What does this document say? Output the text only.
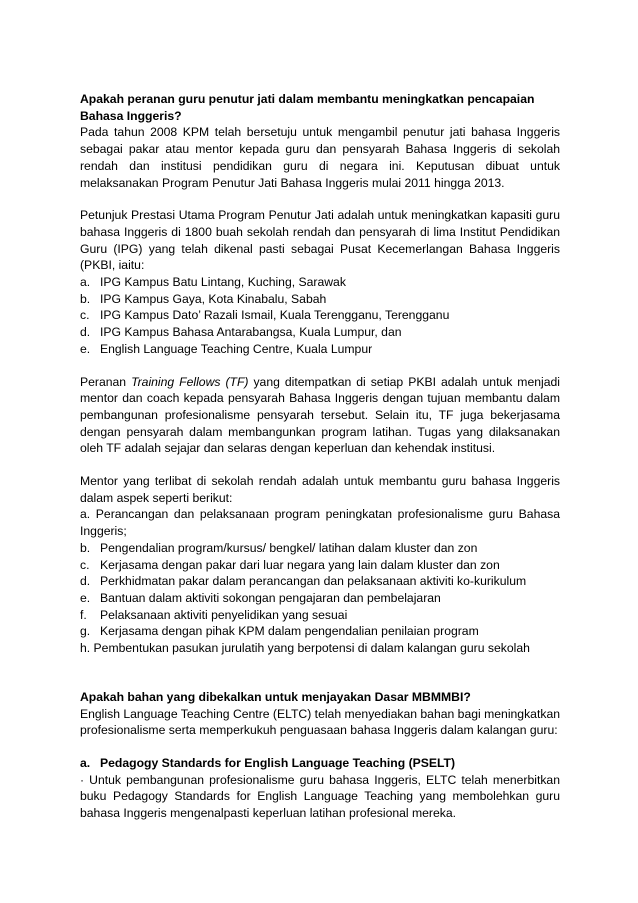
Apakah peranan guru penutur jati dalam membantu meningkatkan pencapaian Bahasa Inggeris?

Pada tahun 2008 KPM telah bersetuju untuk mengambil penutur jati bahasa Inggeris sebagai pakar atau mentor kepada guru dan pensyarah Bahasa Inggeris di sekolah rendah dan institusi pendidikan guru di negara ini. Keputusan dibuat untuk melaksanakan Program Penutur Jati Bahasa Inggeris mulai 2011 hingga 2013.

Petunjuk Prestasi Utama Program Penutur Jati adalah untuk meningkatkan kapasiti guru bahasa Inggeris di 1800 buah sekolah rendah dan pensyarah di lima Institut Pendidikan Guru (IPG) yang telah dikenal pasti sebagai Pusat Kecemerlangan Bahasa Inggeris (PKBI, iaitu:

a. IPG Kampus Batu Lintang, Kuching, Sarawak
b. IPG Kampus Gaya, Kota Kinabalu, Sabah
c. IPG Kampus Dato’ Razali Ismail, Kuala Terengganu, Terengganu
d. IPG Kampus Bahasa Antarabangsa, Kuala Lumpur, dan
e. English Language Teaching Centre, Kuala Lumpur

Peranan Training Fellows (TF) yang ditempatkan di setiap PKBI adalah untuk menjadi mentor dan coach kepada pensyarah Bahasa Inggeris dengan tujuan membantu dalam pembangunan profesionalisme pensyarah tersebut. Selain itu, TF juga bekerjasama dengan pensyarah dalam membangunkan program latihan. Tugas yang dilaksanakan oleh TF adalah sejajar dan selaras dengan keperluan dan kehendak institusi.

Mentor yang terlibat di sekolah rendah adalah untuk membantu guru bahasa Inggeris dalam aspek seperti berikut:

a. Perancangan dan pelaksanaan program peningkatan profesionalisme guru Bahasa Inggeris;

b. Pengendalian program/kursus/ bengkel/ latihan dalam kluster dan zon
c. Kerjasama dengan pakar dari luar negara yang lain dalam kluster dan zon
d. Perkhidmatan pakar dalam perancangan dan pelaksanaan aktiviti ko-kurikulum
e. Bantuan dalam aktiviti sokongan pengajaran dan pembelajaran
f.	Pelaksanaan aktiviti penyelidikan yang sesuai
g. Kerjasama dengan pihak KPM dalam pengendalian penilaian program

h. Pembentukan pasukan jurulatih yang berpotensi di dalam kalangan guru sekolah

Apakah bahan yang dibekalkan untuk menjayakan Dasar MBMMBI?

English Language Teaching Centre (ELTC) telah menyediakan bahan bagi meningkatkan profesionalisme serta memperkukuh penguasaan bahasa Inggeris dalam kalangan guru:

a. Pedagogy Standards for English Language Teaching (PSELT)

· Untuk pembangunan profesionalisme guru bahasa Inggeris, ELTC telah menerbitkan buku Pedagogy Standards for English Language Teaching yang membolehkan guru bahasa Inggeris mengenalpasti keperluan latihan profesional mereka.
